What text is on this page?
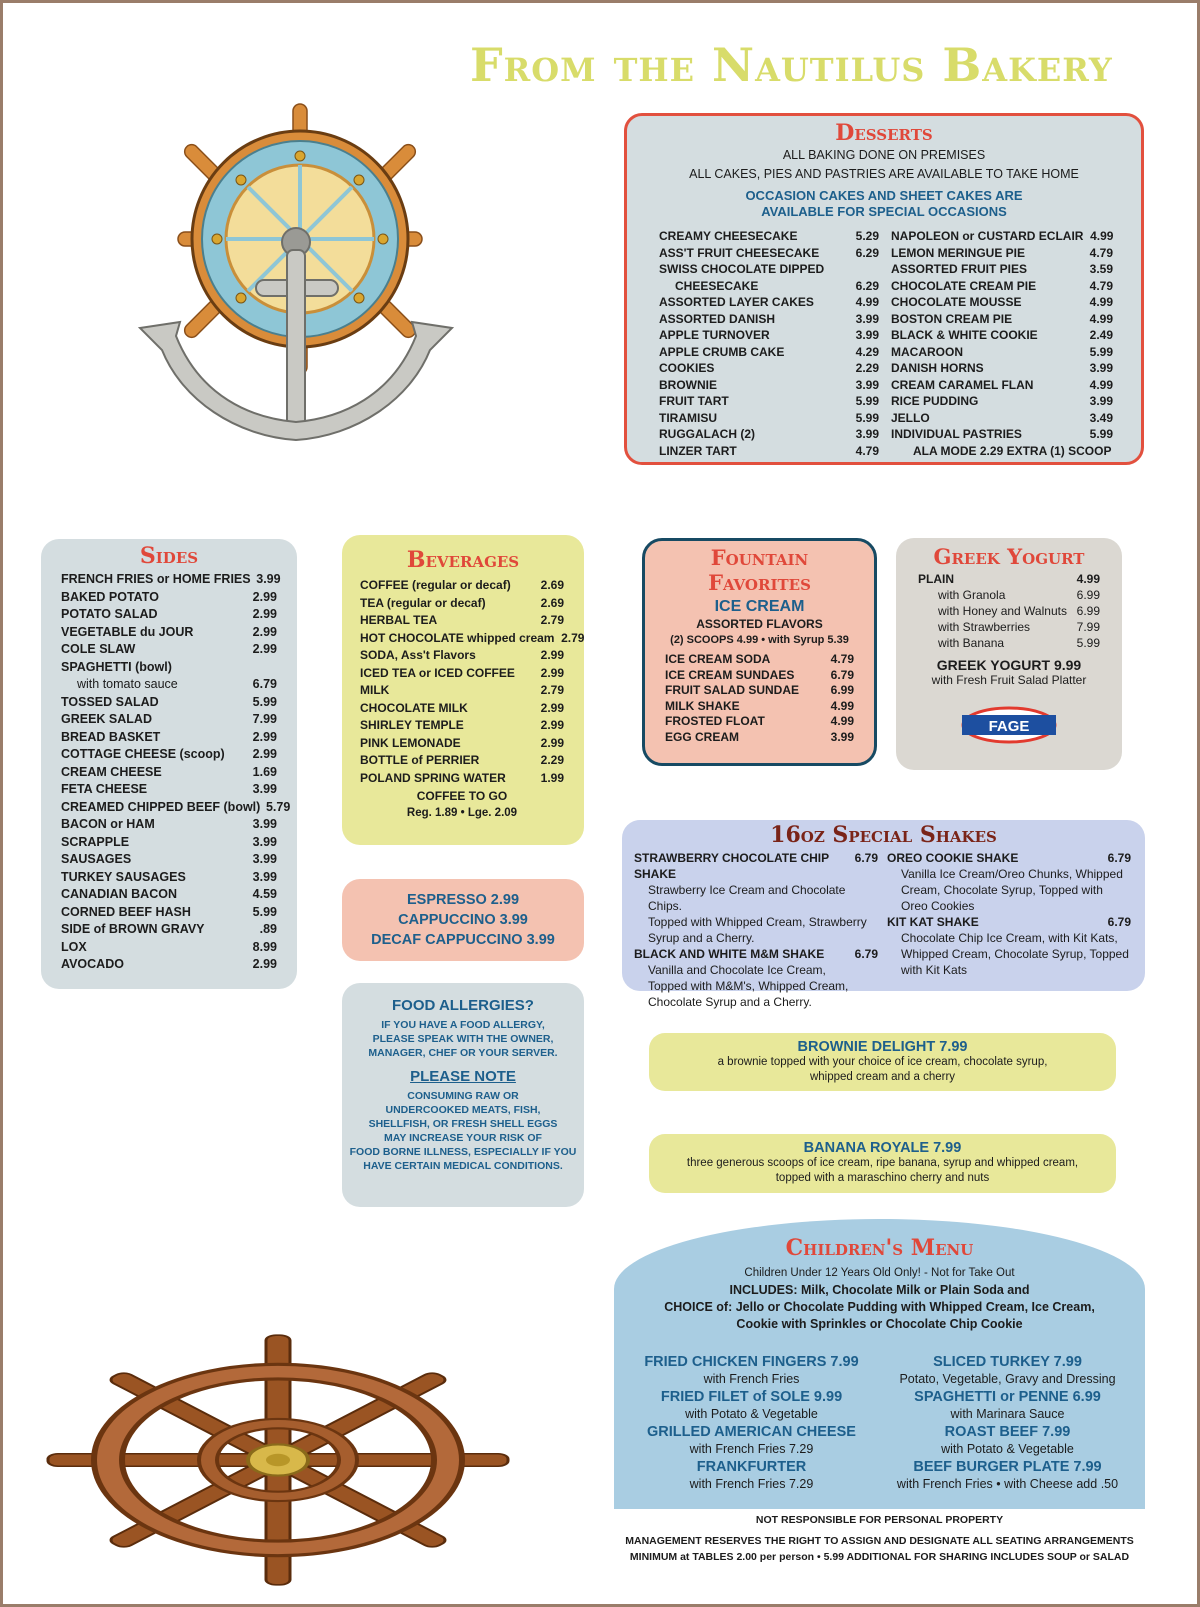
From the Nautilus Bakery
Desserts
ALL BAKING DONE ON PREMISES
ALL CAKES, PIES AND PASTRIES ARE AVAILABLE TO TAKE HOME
OCCASION CAKES AND SHEET CAKES ARE
AVAILABLE FOR SPECIAL OCCASIONS
CREAMY CHEESECAKE	5.29
ASS'T FRUIT CHEESECAKE	6.29
SWISS CHOCOLATE DIPPED
CHEESECAKE	6.29
ASSORTED LAYER CAKES	4.99
ASSORTED DANISH	3.99
APPLE TURNOVER	3.99
APPLE CRUMB CAKE	4.29
COOKIES	2.29
BROWNIE	3.99
FRUIT TART	5.99
TIRAMISU	5.99
RUGGALACH (2)	3.99
LINZER TART	4.79
NAPOLEON or CUSTARD ECLAIR 4.99
LEMON MERINGUE PIE	4.79
ASSORTED FRUIT PIES	3.59
CHOCOLATE CREAM PIE	4.79
CHOCOLATE MOUSSE	4.99
BOSTON CREAM PIE	4.99
BLACK & WHITE COOKIE	2.49
MACAROON	5.99
DANISH HORNS	3.99
CREAM CARAMEL FLAN	4.99
RICE PUDDING	3.99
JELLO	3.49
INDIVIDUAL PASTRIES	5.99
ALA MODE 2.29 EXTRA (1) SCOOP
Sides
FRENCH FRIES or HOME FRIES 3.99
BAKED POTATO	2.99
POTATO SALAD	2.99
VEGETABLE du JOUR	2.99
COLE SLAW	2.99
SPAGHETTI (bowl)
with tomato sauce	6.79
TOSSED SALAD	5.99
GREEK SALAD	7.99
BREAD BASKET	2.99
COTTAGE CHEESE (scoop)	2.99
CREAM CHEESE	1.69
FETA CHEESE	3.99
CREAMED CHIPPED BEEF (bowl) 5.79
BACON or HAM	3.99
SCRAPPLE	3.99
SAUSAGES	3.99
TURKEY SAUSAGES	3.99
CANADIAN BACON	4.59
CORNED BEEF HASH	5.99
SIDE of BROWN GRAVY	.89
LOX	8.99
AVOCADO	2.99
Beverages
COFFEE (regular or decaf)	2.69
TEA (regular or decaf)	2.69
HERBAL TEA	2.79
HOT CHOCOLATE whipped cream 2.79
SODA, Ass't Flavors	2.99
ICED TEA or ICED COFFEE	2.99
MILK	2.79
CHOCOLATE MILK	2.99
SHIRLEY TEMPLE	2.99
PINK LEMONADE	2.99
BOTTLE of PERRIER	2.29
POLAND SPRING WATER	1.99
COFFEE TO GO
Reg. 1.89 • Lge. 2.09
ESPRESSO 2.99
CAPPUCCINO 3.99
DECAF CAPPUCCINO 3.99
FOOD ALLERGIES?
IF YOU HAVE A FOOD ALLERGY,
PLEASE SPEAK WITH THE OWNER,
MANAGER, CHEF OR YOUR SERVER.
PLEASE NOTE
CONSUMING RAW OR
UNDERCOOKED MEATS, FISH,
SHELLFISH, OR FRESH SHELL EGGS
MAY INCREASE YOUR RISK OF
FOOD BORNE ILLNESS, ESPECIALLY IF YOU
HAVE CERTAIN MEDICAL CONDITIONS.
Fountain
Favorites
ICE CREAM
ASSORTED FLAVORS
(2) SCOOPS 4.99 • with Syrup 5.39
ICE CREAM SODA	4.79
ICE CREAM SUNDAES	6.79
FRUIT SALAD SUNDAE	6.99
MILK SHAKE	4.99
FROSTED FLOAT	4.99
EGG CREAM	3.99
Greek Yogurt
PLAIN	4.99
with Granola	6.99
with Honey and Walnuts 6.99
with Strawberries	7.99
with Banana	5.99
GREEK YOGURT 9.99
with Fresh Fruit Salad Platter
FAGE
16oz Special Shakes
STRAWBERRY CHOCOLATE CHIP SHAKE
6.79
Strawberry Ice Cream and Chocolate Chips.
Topped with Whipped Cream, Strawberry
Syrup and a Cherry.
BLACK AND WHITE M&M SHAKE	6.79
Vanilla and Chocolate Ice Cream,
Topped with M&M's, Whipped Cream,
Chocolate Syrup and a Cherry.
OREO COOKIE SHAKE	6.79
Vanilla Ice Cream/Oreo Chunks, Whipped
Cream, Chocolate Syrup, Topped with
Oreo Cookies
KIT KAT SHAKE	6.79
Chocolate Chip Ice Cream, with Kit Kats,
Whipped Cream, Chocolate Syrup, Topped
with Kit Kats
BROWNIE DELIGHT 7.99
a brownie topped with your choice of ice cream, chocolate syrup,
whipped cream and a cherry
BANANA ROYALE 7.99
three generous scoops of ice cream, ripe banana, syrup and whipped cream,
topped with a maraschino cherry and nuts
Children's Menu
Children Under 12 Years Old Only! - Not for Take Out
INCLUDES: Milk, Chocolate Milk or Plain Soda and
CHOICE of: Jello or Chocolate Pudding with Whipped Cream, Ice Cream,
Cookie with Sprinkles or Chocolate Chip Cookie
FRIED CHICKEN FINGERS 7.99
with French Fries
FRIED FILET of SOLE 9.99
with Potato & Vegetable
GRILLED AMERICAN CHEESE
with French Fries 7.29
FRANKFURTER
with French Fries 7.29
SLICED TURKEY 7.99
Potato, Vegetable, Gravy and Dressing
SPAGHETTI or PENNE 6.99
with Marinara Sauce
ROAST BEEF 7.99
with Potato & Vegetable
BEEF BURGER PLATE 7.99
with French Fries • with Cheese add .50
NOT RESPONSIBLE FOR PERSONAL PROPERTY
MANAGEMENT RESERVES THE RIGHT TO ASSIGN AND DESIGNATE ALL SEATING ARRANGEMENTS
MINIMUM at TABLES 2.00 per person • 5.99 ADDITIONAL FOR SHARING INCLUDES SOUP or SALAD
